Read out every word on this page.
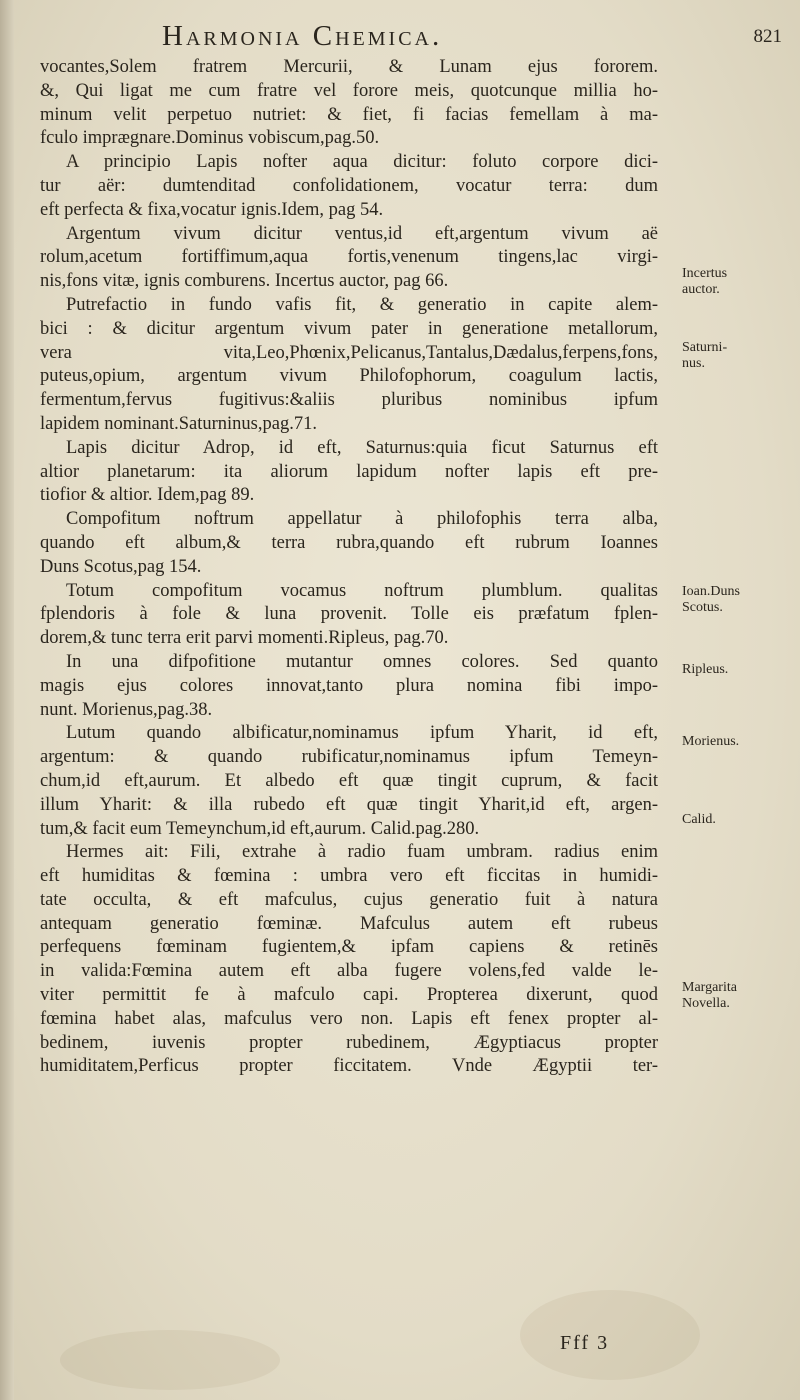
Harmonia Chemica.	821
vocantes,Solem fratrem Mercurii, & Lunam ejus fororem.
&, Qui ligat me cum fratre vel forore meis, quotcunque millia ho-
minum velit perpetuo nutriet: & fiet, fi facias femellam à ma-
fculo imprægnare.Dominus vobiscum,pag.50.
A principio Lapis nofter aqua dicitur: foluto corpore dici-
tur aër: dumtenditad confolidationem, vocatur terra: dum
eft perfecta & fixa,vocatur ignis.Idem, pag 54.
Argentum vivum dicitur ventus,id eft,argentum vivum aë
rolum,acetum fortiffimum,aqua fortis,venenum tingens,lac virgi-
nis,fons vitæ, ignis comburens. Incertus auctor, pag 66.
Putrefactio in fundo vafis fit, & generatio in capite alem-
bici : & dicitur argentum vivum pater in generatione metallorum,
vera vita,Leo,Phœnix,Pelicanus,Tantalus,Dædalus,ferpens,fons,
puteus,opium, argentum vivum Philofophorum, coagulum lactis,
fermentum,fervus fugitivus:&aliis pluribus nominibus ipfum
lapidem nominant.Saturninus,pag.71.
Lapis dicitur Adrop, id eft, Saturnus:quia ficut Saturnus eft
altior planetarum: ita aliorum lapidum nofter lapis eft pre-
tiofior & altior. Idem,pag 89.
Compofitum noftrum appellatur à philofophis terra alba,
quando eft album,& terra rubra,quando eft rubrum Ioannes
Duns Scotus,pag 154.
Totum compofitum vocamus noftrum plumblum. qualitas
fplendoris à fole & luna provenit. Tolle eis præfatum fplen-
dorem,& tunc terra erit parvi momenti.Ripleus, pag.70.
In una difpofitione mutantur omnes colores. Sed quanto
magis ejus colores innovat,tanto plura nomina fibi impo-
nunt. Morienus,pag.38.
Lutum quando albificatur,nominamus ipfum Yharit, id eft,
argentum: & quando rubificatur,nominamus ipfum Temeyn-
chum,id eft,aurum. Et albedo eft quæ tingit cuprum, & facit
illum Yharit: & illa rubedo eft quæ tingit Yharit,id eft, argen-
tum,& facit eum Temeynchum,id eft,aurum. Calid.pag.280.
Hermes ait: Fili, extrahe à radio fuam umbram. radius enim
eft humiditas & fœmina : umbra vero eft ficcitas in humidi-
tate occulta, & eft mafculus, cujus generatio fuit à natura
antequam generatio fœminæ. Mafculus autem eft rubeus
perfequens fœminam fugientem,& ipfam capiens & retinēs
in valida:Fœmina autem eft alba fugere volens,fed valde le-
viter permittit fe à mafculo capi. Propterea dixerunt, quod
fœmina habet alas, mafculus vero non. Lapis eft fenex propter al-
bedinem, iuvenis propter rubedinem, Ægyptiacus propter
humiditatem,Perficus propter ficcitatem. Vnde Ægyptii ter-
Incertus
auctor.
Saturni-
nus.
Ioan.Duns
Scotus.
Ripleus.
Morienus.
Calid.
Margarita
Novella.
Fff 3
